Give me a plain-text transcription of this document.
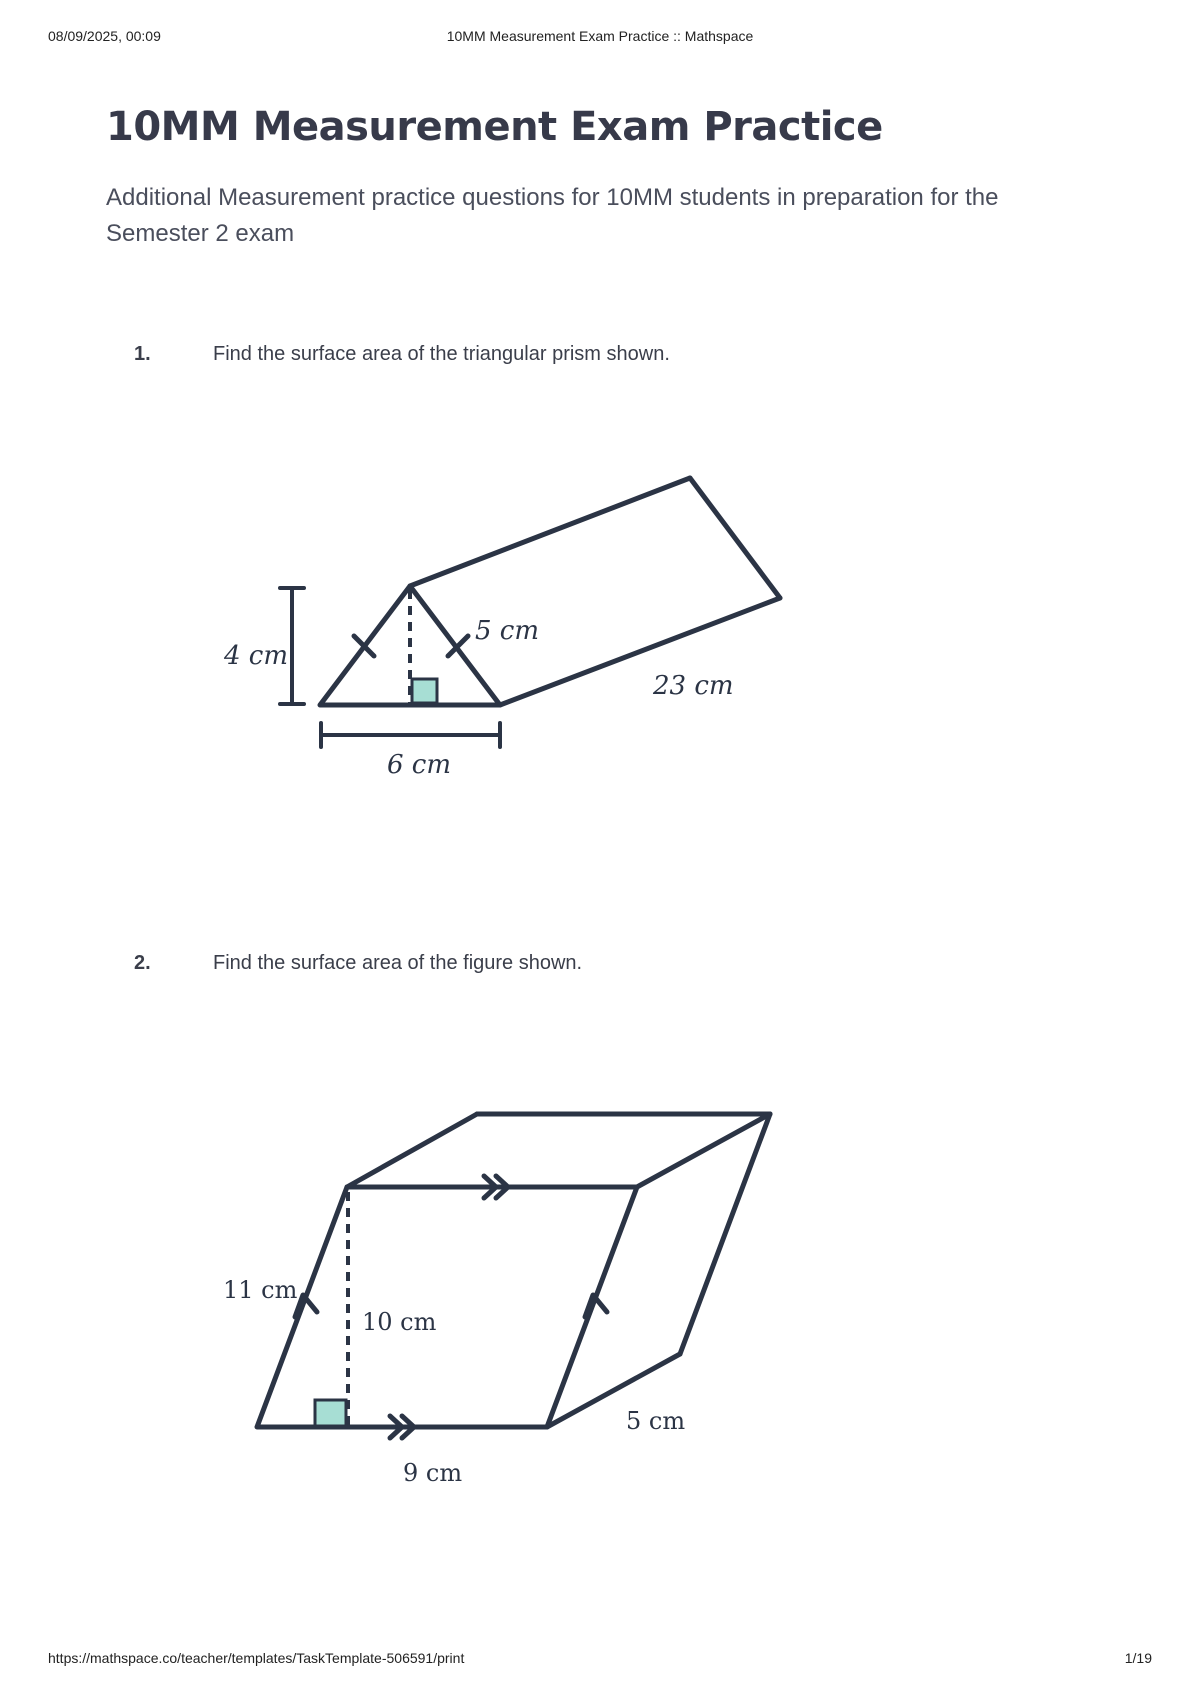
08/09/2025, 00:09	10MM Measurement Exam Practice :: Mathspace
10MM Measurement Exam Practice

Additional Measurement practice questions for 10MM students in preparation for the Semester 2 exam

1.	Find the surface area of the triangular prism shown.
4 cm
5 cm
6 cm
23 cm
2.	Find the surface area of the figure shown.
11 cm
10 cm
9 cm
5 cm
https://mathspace.co/teacher/templates/TaskTemplate-506591/print	1/19
